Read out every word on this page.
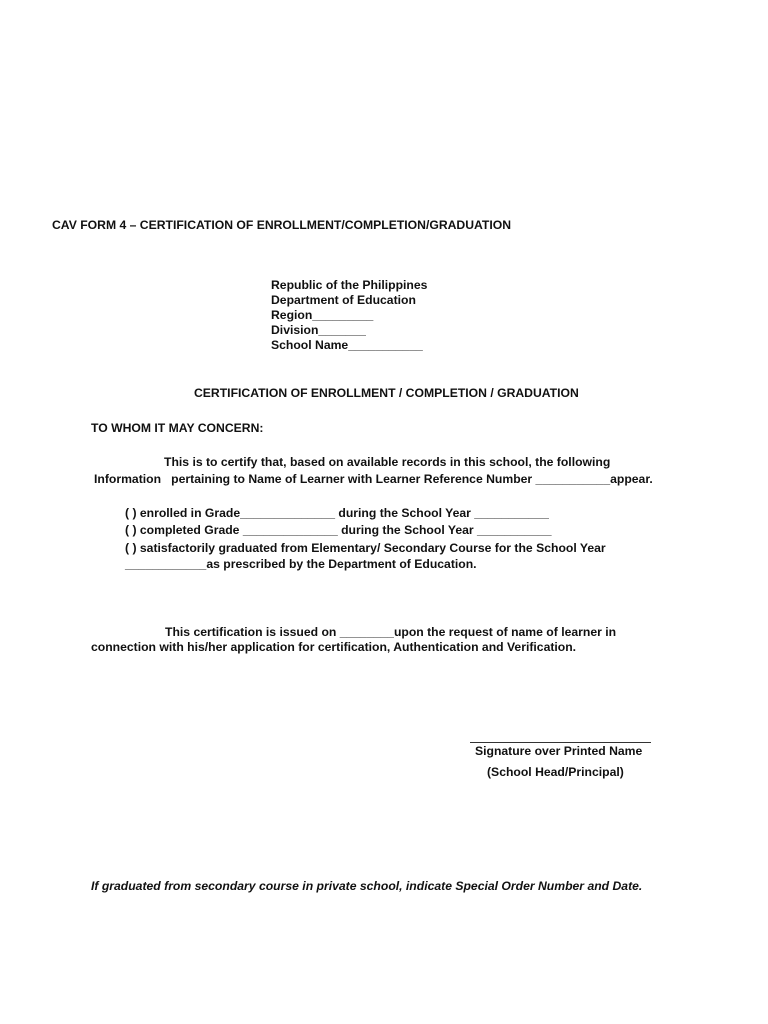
CAV FORM 4 – CERTIFICATION OF ENROLLMENT/COMPLETION/GRADUATION
Republic of the Philippines
Department of Education
Region_________
Division_______
School Name___________
CERTIFICATION OF ENROLLMENT / COMPLETION / GRADUATION
TO WHOM IT MAY CONCERN:
This is to certify that, based on available records in this school, the following
Information   pertaining to Name of Learner with Learner Reference Number ___________appear.
( ) enrolled in Grade______________ during the School Year ___________
( ) completed Grade ______________ during the School Year ___________
( ) satisfactorily graduated from Elementary/ Secondary Course for the School Year
____________as prescribed by the Department of Education.
This certification is issued on ________upon the request of name of learner in
connection with his/her application for certification, Authentication and Verification.
Signature over Printed Name
(School Head/Principal)
If graduated from secondary course in private school, indicate Special Order Number and Date.
